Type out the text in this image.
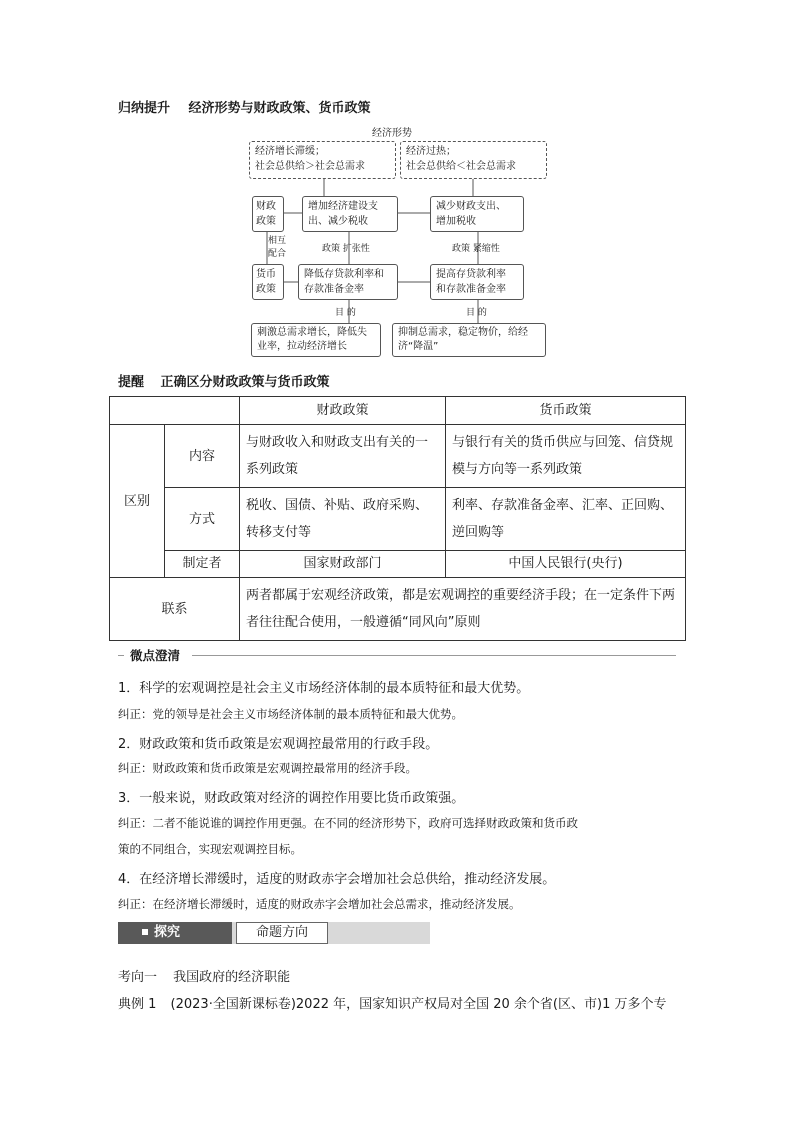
归纳提升 经济形势与财政政策、货币政策
经济形势
经济增长滞缓；
社会总供给＞社会总需求
经济过热；
社会总供给＜社会总需求
财政
政策
货币
政策
相互
配合
增加经济建设支
出、减少税收
减少财政支出、
增加税收
政策 扩张性	政策 紧缩性
降低存贷款利率和
存款准备金率
提高存贷款利率
和存款准备金率
目 的	目 的
刺激总需求增长，降低失
业率，拉动经济增长
抑制总需求，稳定物价，给经
济“降温”
提醒 正确区分财政政策与货币政策
		财政政策	货币政策
区别	内容	与财政收入和财政支出有关的一系列政策	与银行有关的货币供应与回笼、信贷规模与方向等一系列政策
	方式	税收、国债、补贴、政府采购、转移支付等	利率、存款准备金率、汇率、正回购、逆回购等
	制定者	国家财政部门	中国人民银行(央行)
联系		两者都属于宏观经济政策，都是宏观调控的重要经济手段；在一定条件下两者往往配合使用，一般遵循“同风向”原则	
微点澄清
1．科学的宏观调控是社会主义市场经济体制的最本质特征和最大优势。
纠正：党的领导是社会主义市场经济体制的最本质特征和最大优势。
2．财政政策和货币政策是宏观调控最常用的行政手段。
纠正：财政政策和货币政策是宏观调控最常用的经济手段。
3．一般来说，财政政策对经济的调控作用要比货币政策强。
纠正：二者不能说谁的调控作用更强。在不同的经济形势下，政府可选择财政政策和货币政
策的不同组合，实现宏观调控目标。
4．在经济增长滞缓时，适度的财政赤字会增加社会总供给，推动经济发展。
纠正：在经济增长滞缓时，适度的财政赤字会增加社会总需求，推动经济发展。
探究	命题方向
考向一 我国政府的经济职能
典例 1 (2023·全国新课标卷)2022 年，国家知识产权局对全国 20 余个省(区、市)1 万多个专
